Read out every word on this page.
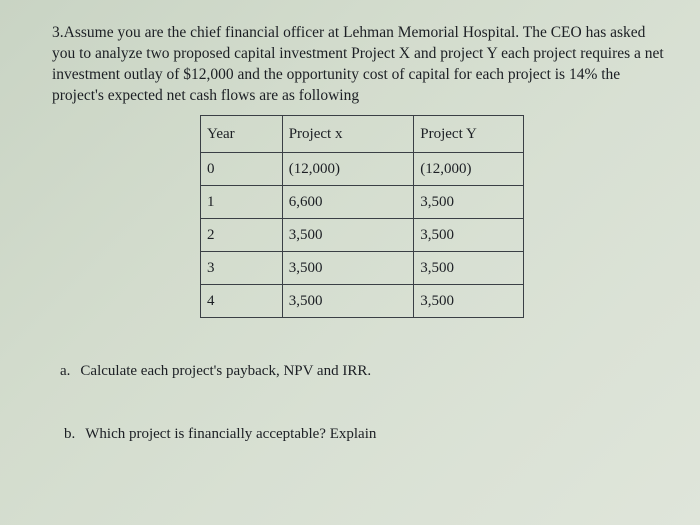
3.Assume you are the chief financial officer at Lehman Memorial Hospital. The CEO has asked you to analyze two proposed capital investment Project X and project Y each project requires a net investment outlay of $12,000 and the opportunity cost of capital for each project is 14% the project's expected net cash flows are as following

Year	Project x	Project Y
0	(12,000)	(12,000)
1	6,600	3,500
2	3,500	3,500
3	3,500	3,500
4	3,500	3,500

a. Calculate each project's payback, NPV and IRR.

b. Which project is financially acceptable? Explain
